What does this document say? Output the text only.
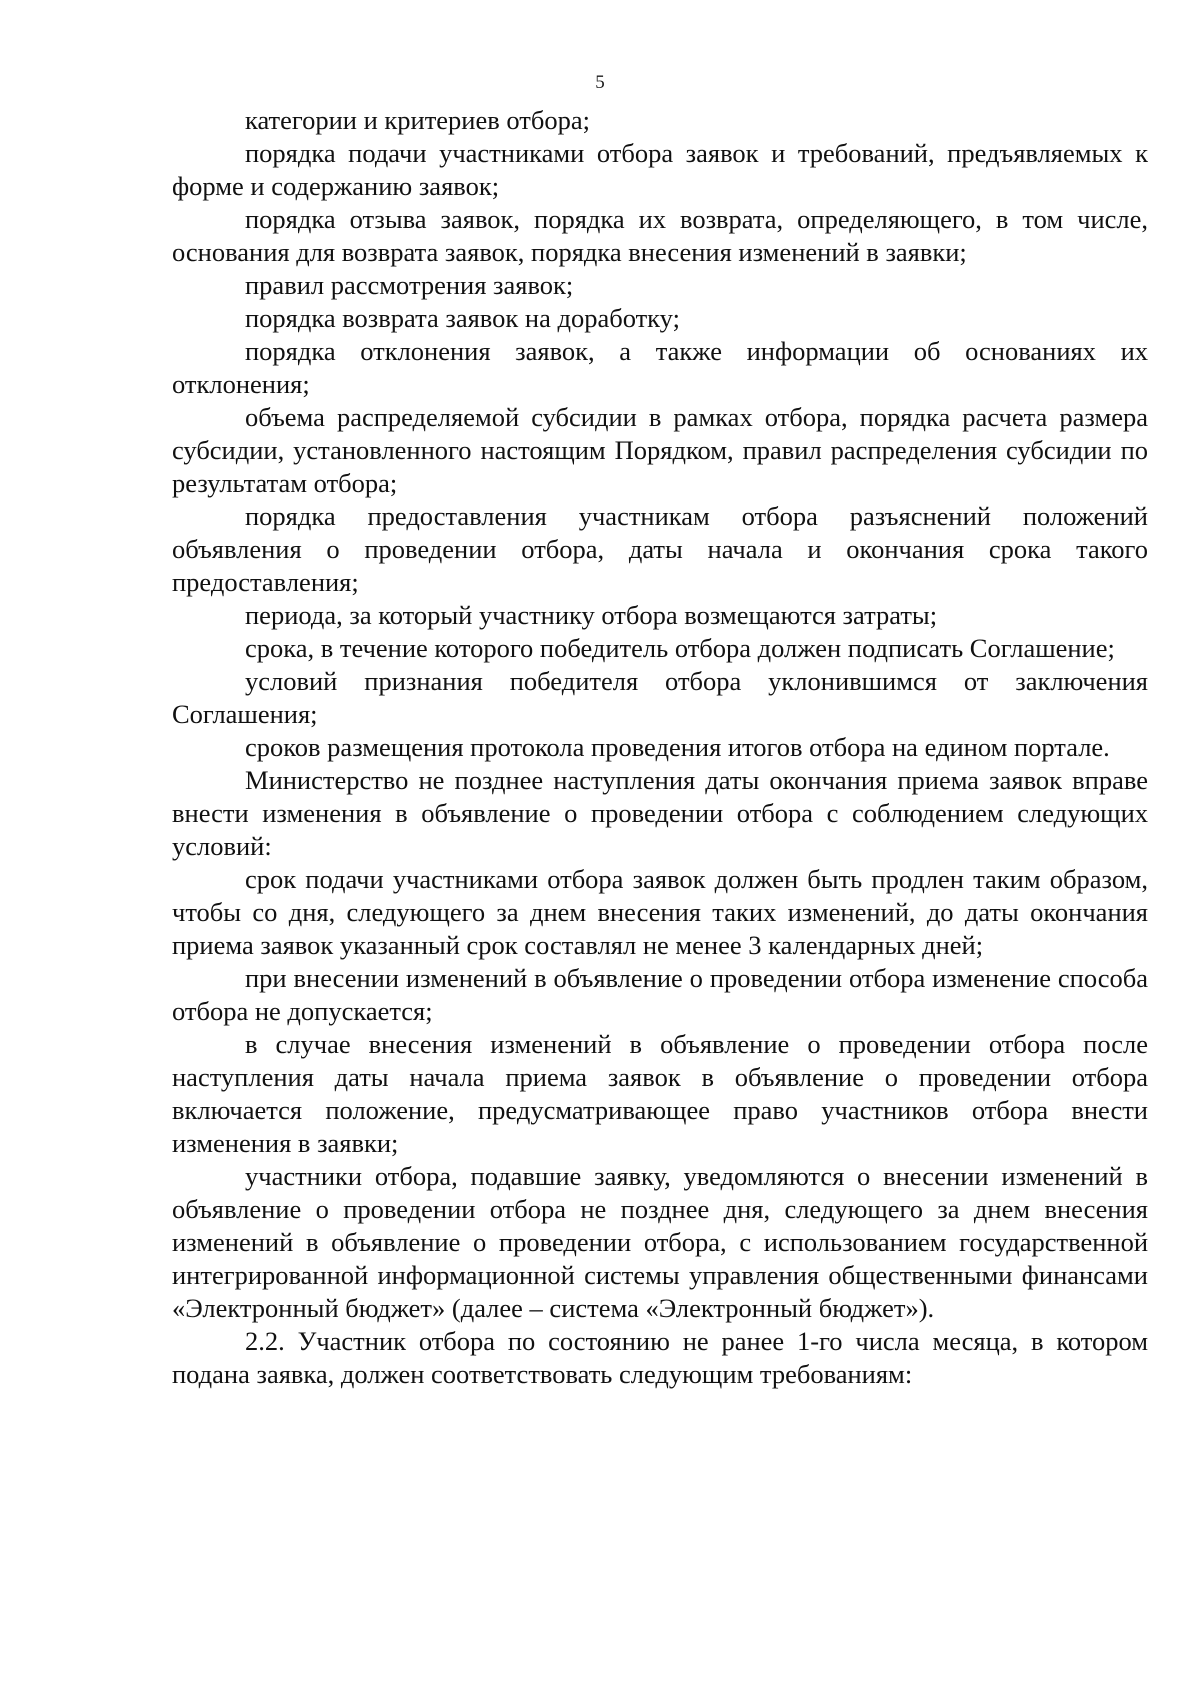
5

категории и критериев отбора;

порядка подачи участниками отбора заявок и требований, предъявляемых к форме и содержанию заявок;

порядка отзыва заявок, порядка их возврата, определяющего, в том числе, основания для возврата заявок, порядка внесения изменений в заявки;

правил рассмотрения заявок;

порядка возврата заявок на доработку;

порядка отклонения заявок, а также информации об основаниях их отклонения;

объема распределяемой субсидии в рамках отбора, порядка расчета размера субсидии, установленного настоящим Порядком, правил распределения субсидии по результатам отбора;

порядка предоставления участникам отбора разъяснений положений объявления о проведении отбора, даты начала и окончания срока такого предоставления;

периода, за который участнику отбора возмещаются затраты;

срока, в течение которого победитель отбора должен подписать Соглашение;

условий признания победителя отбора уклонившимся от заключения Соглашения;

сроков размещения протокола проведения итогов отбора на едином портале.

Министерство не позднее наступления даты окончания приема заявок вправе внести изменения в объявление о проведении отбора с соблюдением следующих условий:

срок подачи участниками отбора заявок должен быть продлен таким образом, чтобы со дня, следующего за днем внесения таких изменений, до даты окончания приема заявок указанный срок составлял не менее 3 календарных дней;

при внесении изменений в объявление о проведении отбора изменение способа отбора не допускается;

в случае внесения изменений в объявление о проведении отбора после наступления даты начала приема заявок в объявление о проведении отбора включается положение, предусматривающее право участников отбора внести изменения в заявки;

участники отбора, подавшие заявку, уведомляются о внесении изменений в объявление о проведении отбора не позднее дня, следующего за днем внесения изменений в объявление о проведении отбора, с использованием государственной интегрированной информационной системы управления общественными финансами «Электронный бюджет» (далее – система «Электронный бюджет»).

2.2. Участник отбора по состоянию не ранее 1-го числа месяца, в котором подана заявка, должен соответствовать следующим требованиям:
